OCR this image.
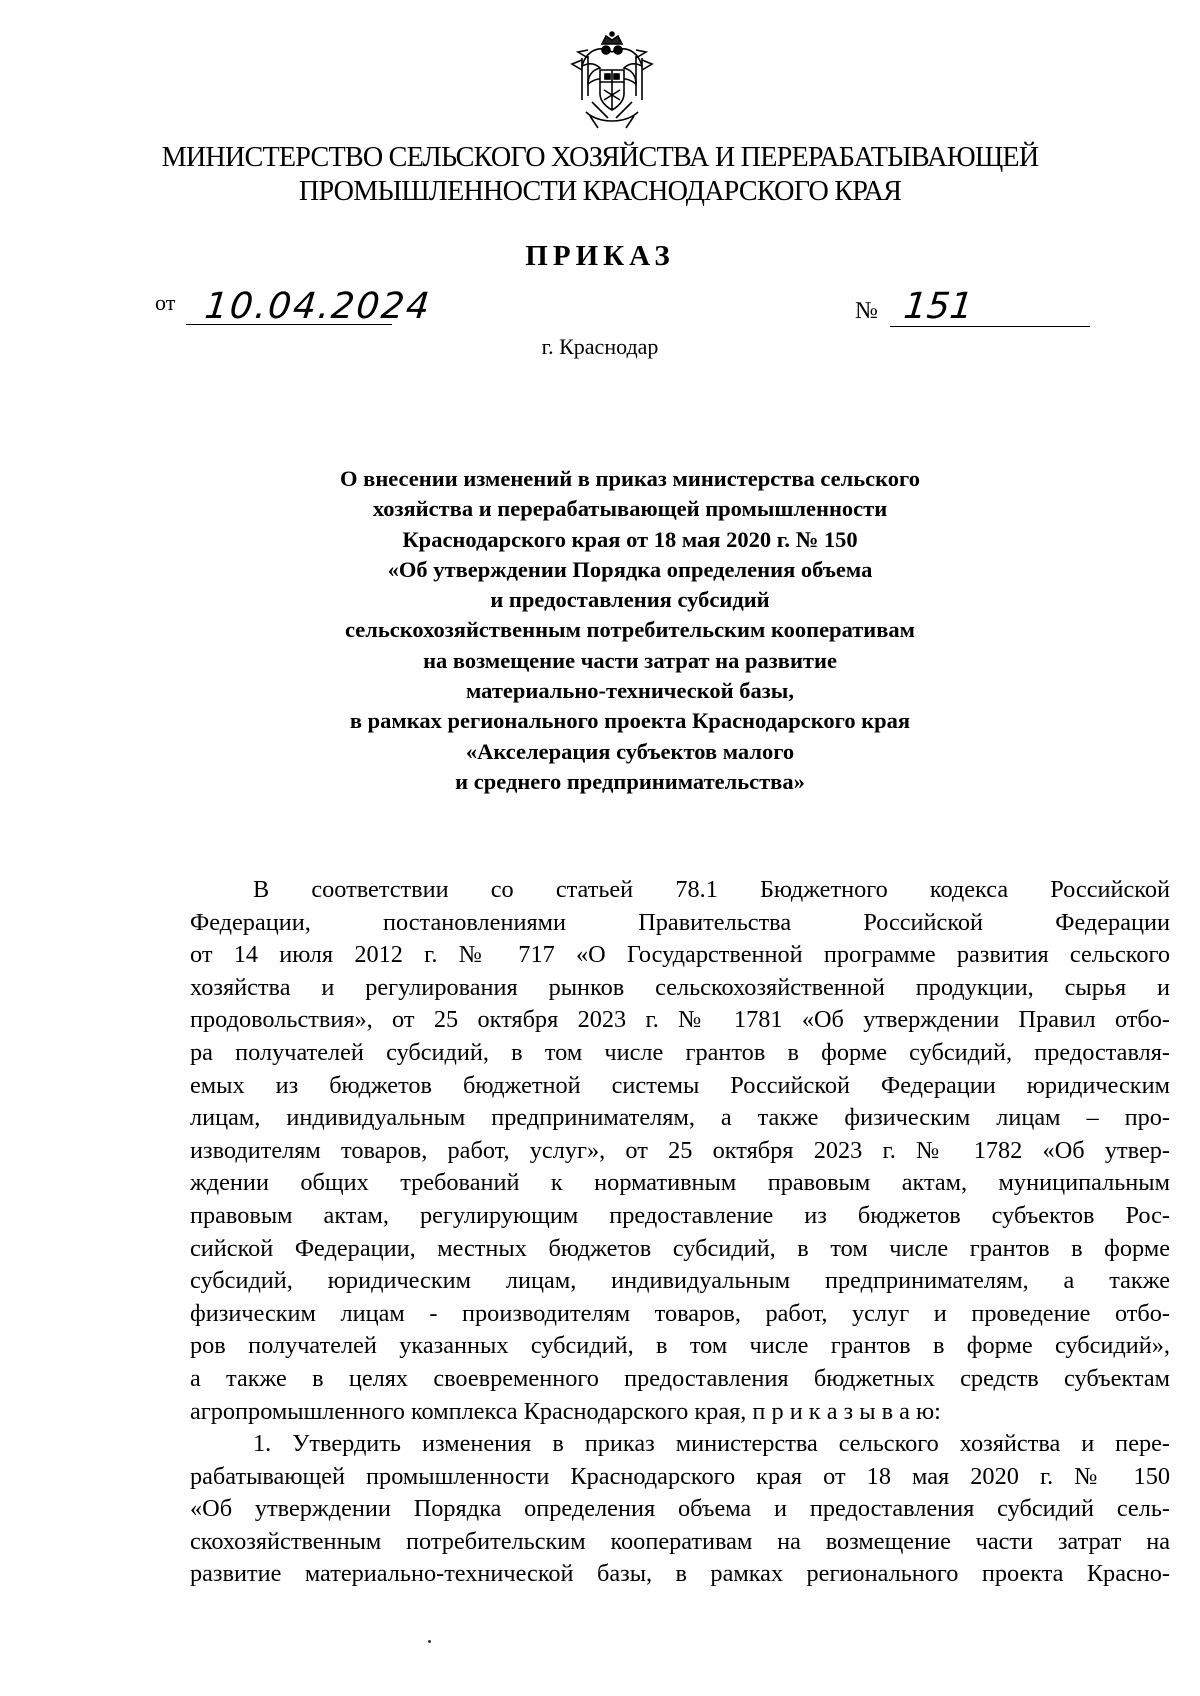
МИНИСТЕРСТВО СЕЛЬСКОГО ХОЗЯЙСТВА И ПЕРЕРАБАТЫВАЮЩЕЙ
ПРОМЫШЛЕННОСТИ КРАСНОДАРСКОГО КРАЯ
ПРИКАЗ
от 10.04.2024	№ 151
г. Краснодар
О внесении изменений в приказ министерства сельского
хозяйства и перерабатывающей промышленности
Краснодарского края от 18 мая 2020 г. № 150
«Об утверждении Порядка определения объема
и предоставления субсидий
сельскохозяйственным потребительским кооперативам
на возмещение части затрат на развитие
материально-технической базы,
в рамках регионального проекта Краснодарского края
«Акселерация субъектов малого
и среднего предпринимательства»
В соответствии со статьей 78.1 Бюджетного кодекса Российской
Федерации, постановлениями Правительства Российской Федерации
от 14 июля 2012 г. № 717 «О Государственной программе развития сельского
хозяйства и регулирования рынков сельскохозяйственной продукции, сырья и
продовольствия», от 25 октября 2023 г. № 1781 «Об утверждении Правил отбо-
ра получателей субсидий, в том числе грантов в форме субсидий, предоставля-
емых из бюджетов бюджетной системы Российской Федерации юридическим
лицам, индивидуальным предпринимателям, а также физическим лицам – про-
изводителям товаров, работ, услуг», от 25 октября 2023 г. № 1782 «Об утвер-
ждении общих требований к нормативным правовым актам, муниципальным
правовым актам, регулирующим предоставление из бюджетов субъектов Рос-
сийской Федерации, местных бюджетов субсидий, в том числе грантов в форме
субсидий, юридическим лицам, индивидуальным предпринимателям, а также
физическим лицам - производителям товаров, работ, услуг и проведение отбо-
ров получателей указанных субсидий, в том числе грантов в форме субсидий»,
а также в целях своевременного предоставления бюджетных средств субъектам
агропромышленного комплекса Краснодарского края, п р и к а з ы в а ю:
1. Утвердить изменения в приказ министерства сельского хозяйства и пере-
рабатывающей промышленности Краснодарского края от 18 мая 2020 г. № 150
«Об утверждении Порядка определения объема и предоставления субсидий сель-
скохозяйственным потребительским кооперативам на возмещение части затрат на
развитие материально-технической базы, в рамках регионального проекта Красно-
